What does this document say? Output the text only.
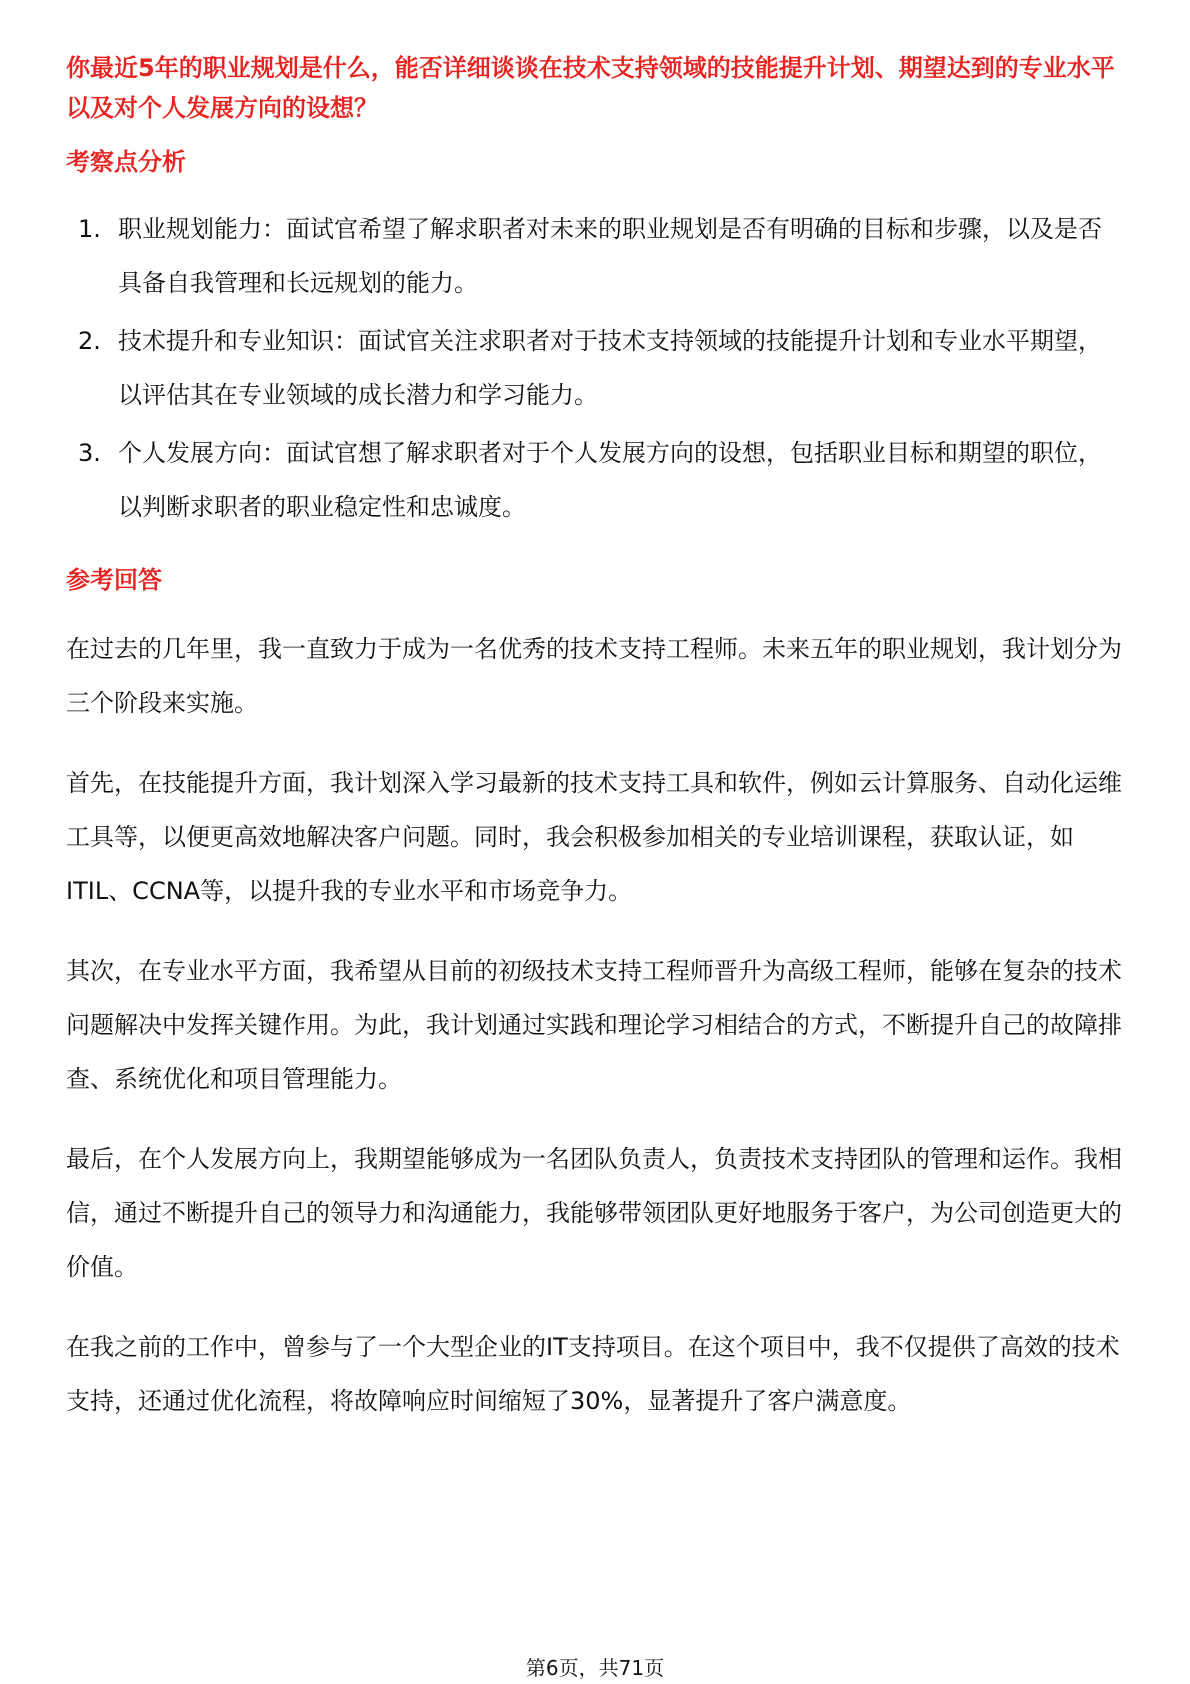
你最近5年的职业规划是什么，能否详细谈谈在技术支持领域的技能提升计划、期望达到的专业水平以及对个人发展方向的设想？
考察点分析
1. 职业规划能力：面试官希望了解求职者对未来的职业规划是否有明确的目标和步骤，以及是否具备自我管理和长远规划的能力。
2. 技术提升和专业知识：面试官关注求职者对于技术支持领域的技能提升计划和专业水平期望，以评估其在专业领域的成长潜力和学习能力。
3. 个人发展方向：面试官想了解求职者对于个人发展方向的设想，包括职业目标和期望的职位，以判断求职者的职业稳定性和忠诚度。
参考回答

在过去的几年里，我一直致力于成为一名优秀的技术支持工程师。未来五年的职业规划，我计划分为三个阶段来实施。

首先，在技能提升方面，我计划深入学习最新的技术支持工具和软件，例如云计算服务、自动化运维工具等，以便更高效地解决客户问题。同时，我会积极参加相关的专业培训课程，获取认证，如ITIL、CCNA等，以提升我的专业水平和市场竞争力。

其次，在专业水平方面，我希望从目前的初级技术支持工程师晋升为高级工程师，能够在复杂的技术问题解决中发挥关键作用。为此，我计划通过实践和理论学习相结合的方式，不断提升自己的故障排查、系统优化和项目管理能力。

最后，在个人发展方向上，我期望能够成为一名团队负责人，负责技术支持团队的管理和运作。我相信，通过不断提升自己的领导力和沟通能力，我能够带领团队更好地服务于客户，为公司创造更大的价值。

在我之前的工作中，曾参与了一个大型企业的IT支持项目。在这个项目中，我不仅提供了高效的技术支持，还通过优化流程，将故障响应时间缩短了30%，显著提升了客户满意度。

第6页，共71页
